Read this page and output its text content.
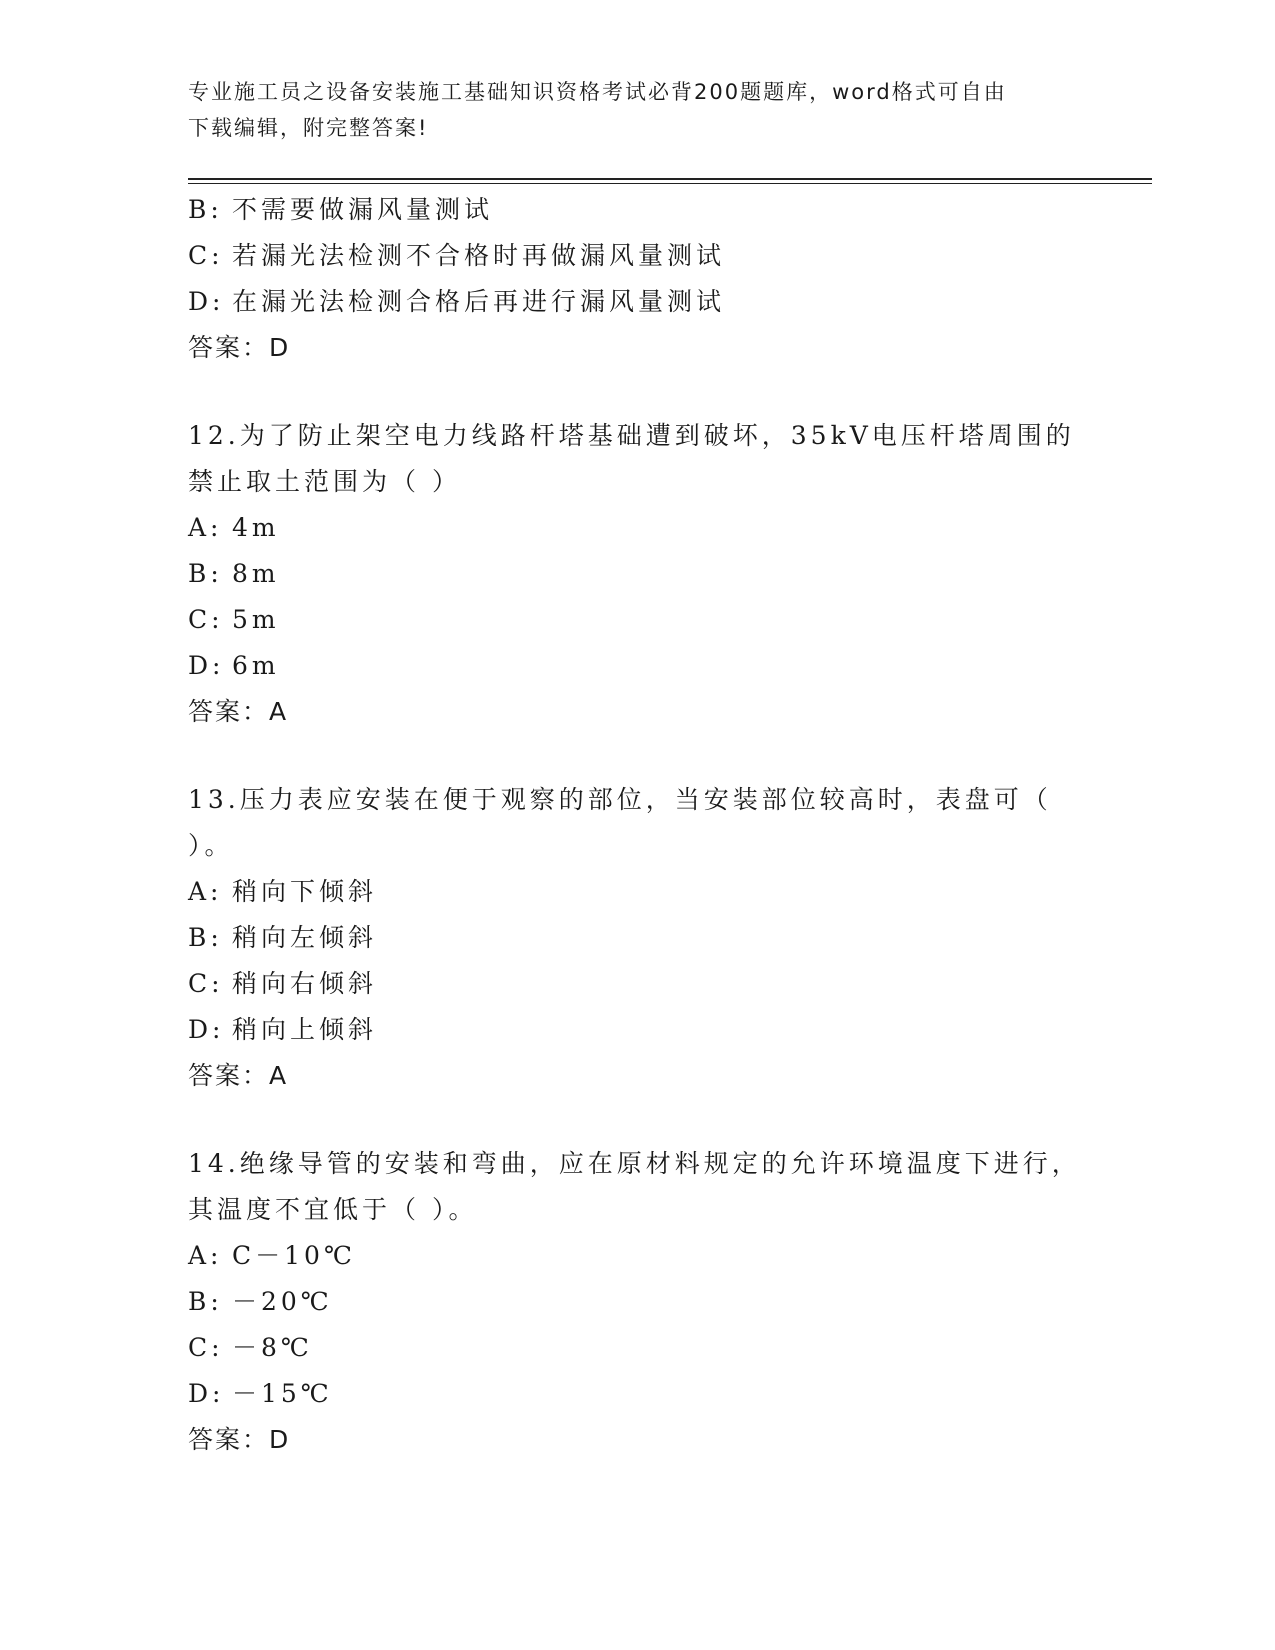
专业施工员之设备安装施工基础知识资格考试必背200题题库，word格式可自由
下载编辑，附完整答案!
B: 不需要做漏风量测试
C: 若漏光法检测不合格时再做漏风量测试
D: 在漏光法检测合格后再进行漏风量测试
答案：D
12.为了防止架空电力线路杆塔基础遭到破坏，35kV电压杆塔周围的禁止取土范围为（ ）
A: 4m
B: 8m
C: 5m
D: 6m
答案：A
13.压力表应安装在便于观察的部位，当安装部位较高时，表盘可（ ）。
A: 稍向下倾斜
B: 稍向左倾斜
C: 稍向右倾斜
D: 稍向上倾斜
答案：A
14.绝缘导管的安装和弯曲，应在原材料规定的允许环境温度下进行，其温度不宜低于（ ）。
A: C－10℃
B: －20℃
C: －8℃
D: －15℃
答案：D
